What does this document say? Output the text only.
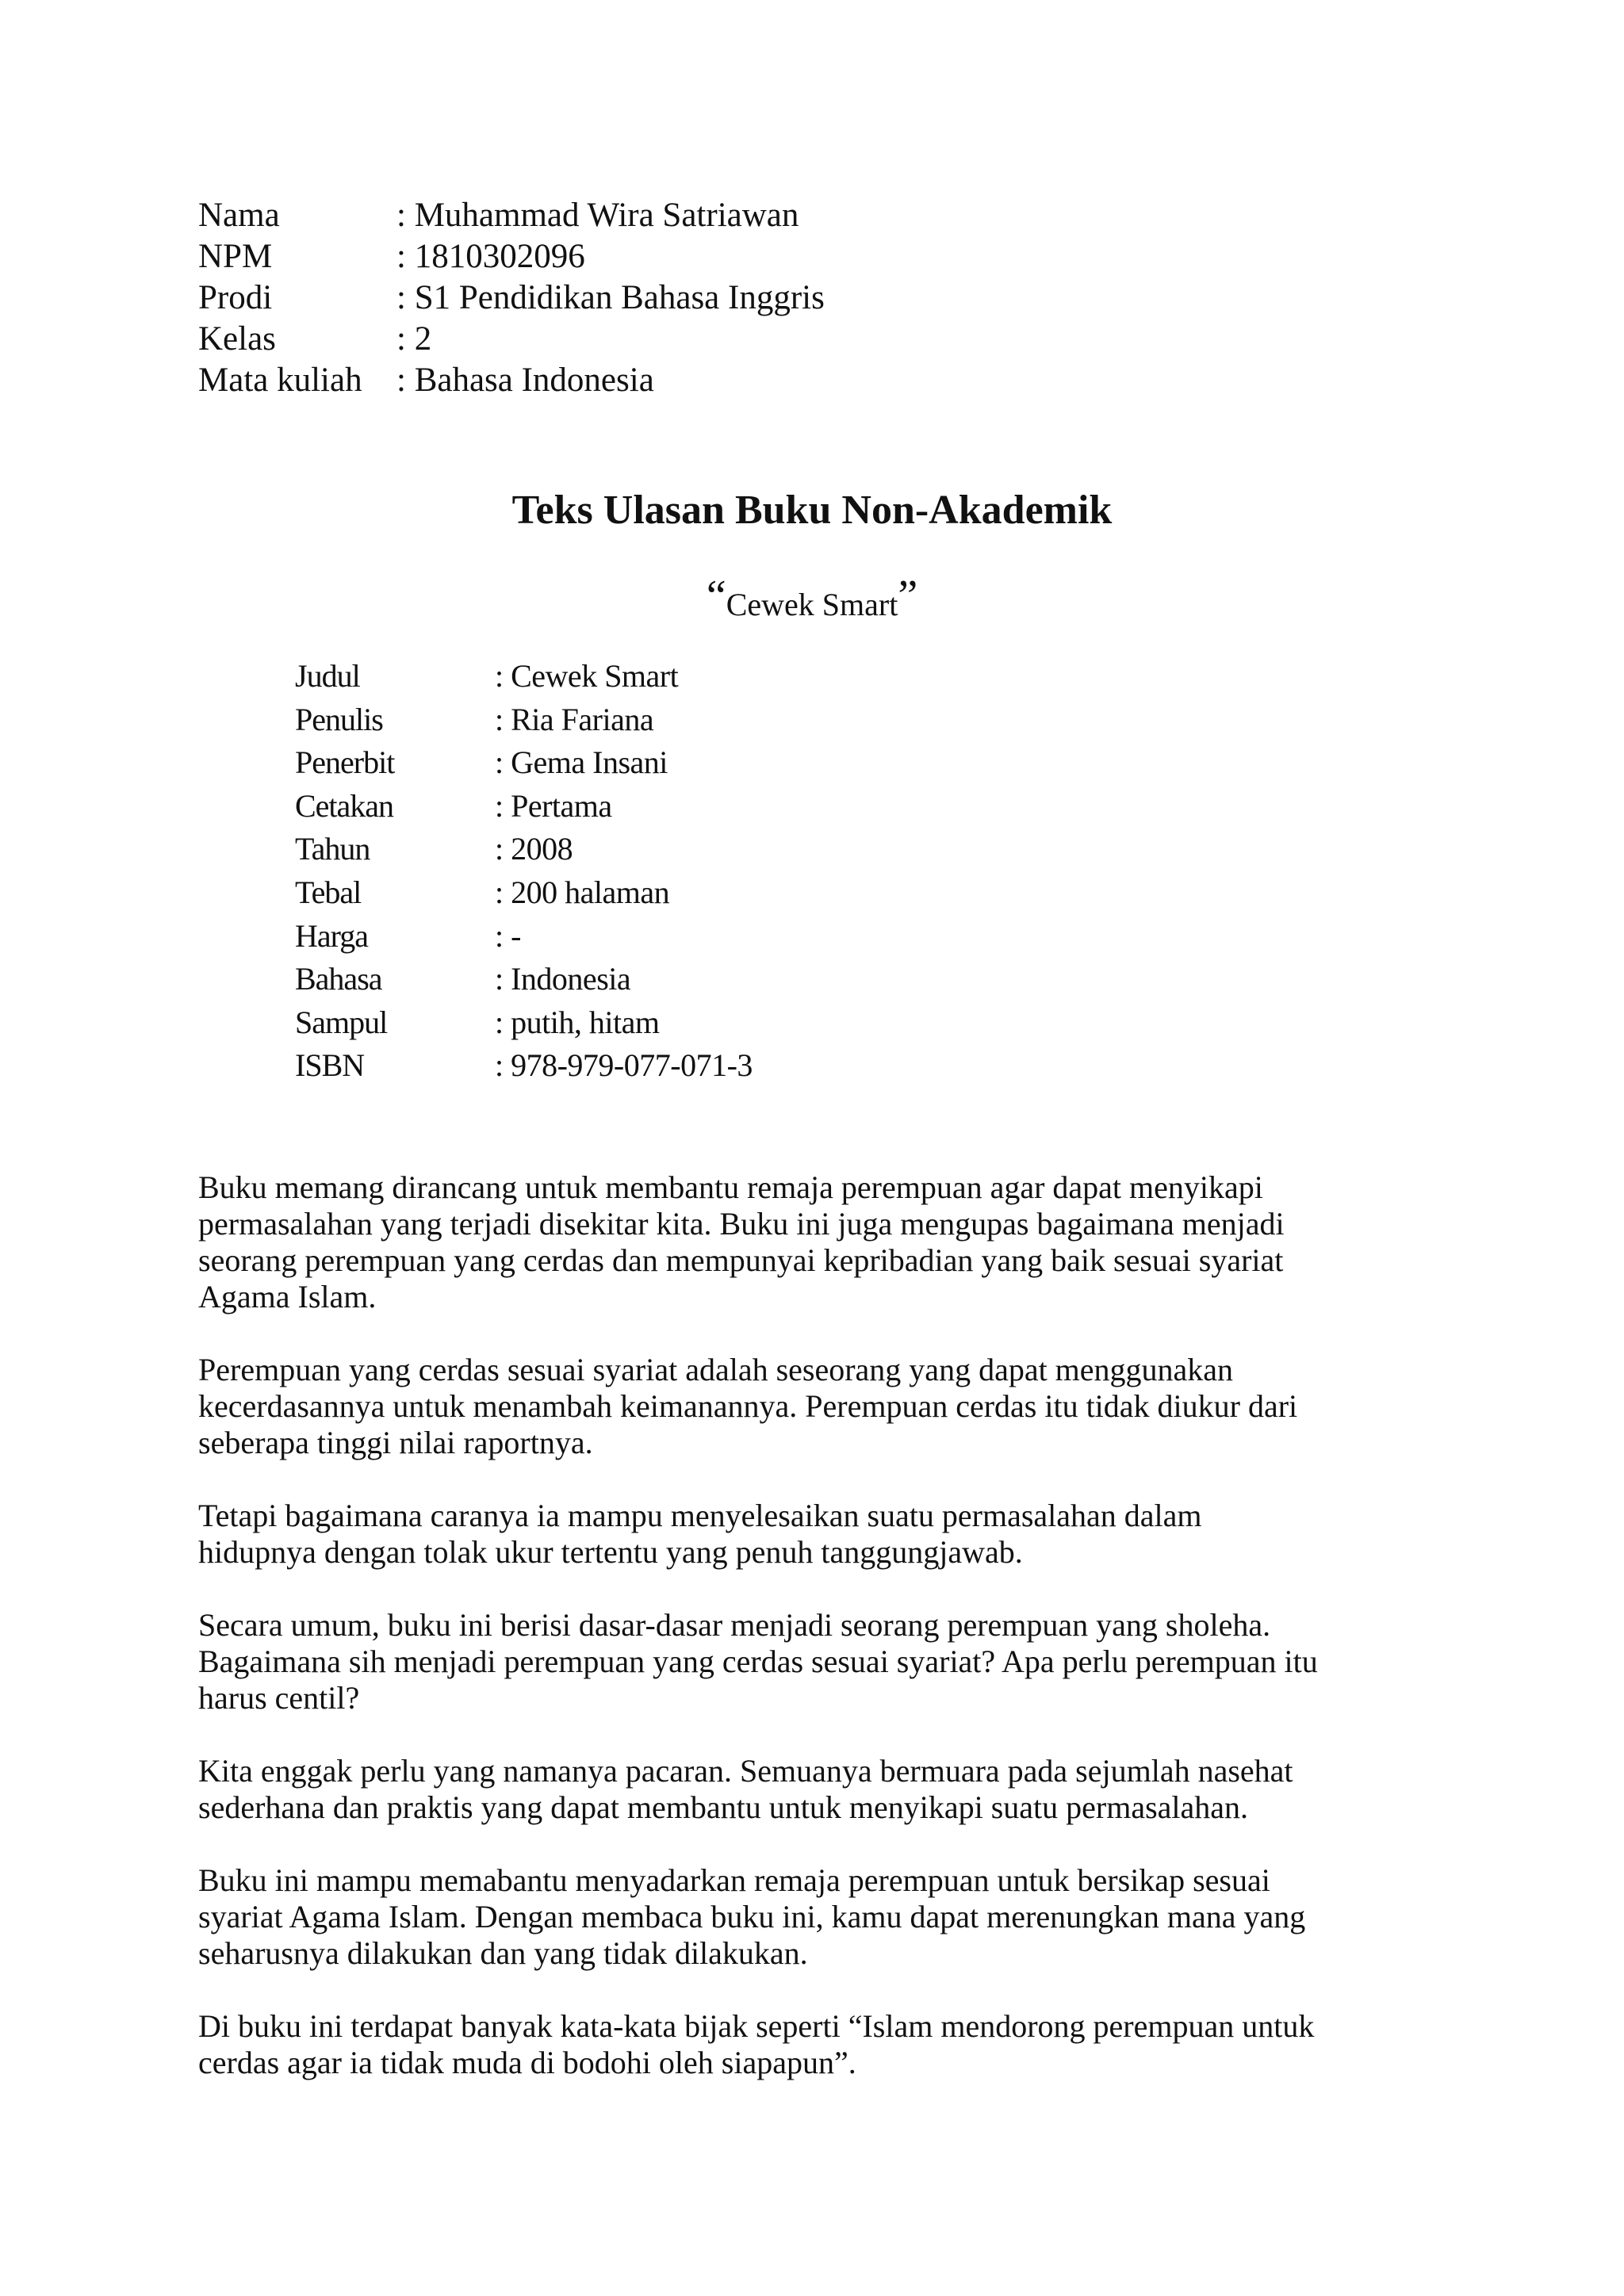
Nama	: Muhammad Wira Satriawan
NPM	: 1810302096
Prodi	: S1 Pendidikan Bahasa Inggris
Kelas	: 2
Mata kuliah	: Bahasa Indonesia
Teks Ulasan Buku Non-Akademik
“Cewek Smart”
Judul	: Cewek Smart
Penulis	: Ria Fariana
Penerbit	: Gema Insani
Cetakan	: Pertama
Tahun	: 2008
Tebal	: 200 halaman
Harga	: -
Bahasa	: Indonesia
Sampul	: putih, hitam
ISBN	: 978-979-077-071-3

Buku memang dirancang untuk membantu remaja perempuan agar dapat menyikapi
permasalahan yang terjadi disekitar kita. Buku ini juga mengupas bagaimana menjadi
seorang perempuan yang cerdas dan mempunyai kepribadian yang baik sesuai syariat
Agama Islam.

Perempuan yang cerdas sesuai syariat adalah seseorang yang dapat menggunakan
kecerdasannya untuk menambah keimanannya. Perempuan cerdas itu tidak diukur dari
seberapa tinggi nilai raportnya.

Tetapi bagaimana caranya ia mampu menyelesaikan suatu permasalahan dalam
hidupnya dengan tolak ukur tertentu yang penuh tanggungjawab.

Secara umum, buku ini berisi dasar-dasar menjadi seorang perempuan yang sholeha.
Bagaimana sih menjadi perempuan yang cerdas sesuai syariat? Apa perlu perempuan itu
harus centil?

Kita enggak perlu yang namanya pacaran. Semuanya bermuara pada sejumlah nasehat
sederhana dan praktis yang dapat membantu untuk menyikapi suatu permasalahan.

Buku ini mampu memabantu menyadarkan remaja perempuan untuk bersikap sesuai
syariat Agama Islam. Dengan membaca buku ini, kamu dapat merenungkan mana yang
seharusnya dilakukan dan yang tidak dilakukan.

Di buku ini terdapat banyak kata-kata bijak seperti “Islam mendorong perempuan untuk
cerdas agar ia tidak muda di bodohi oleh siapapun”.
